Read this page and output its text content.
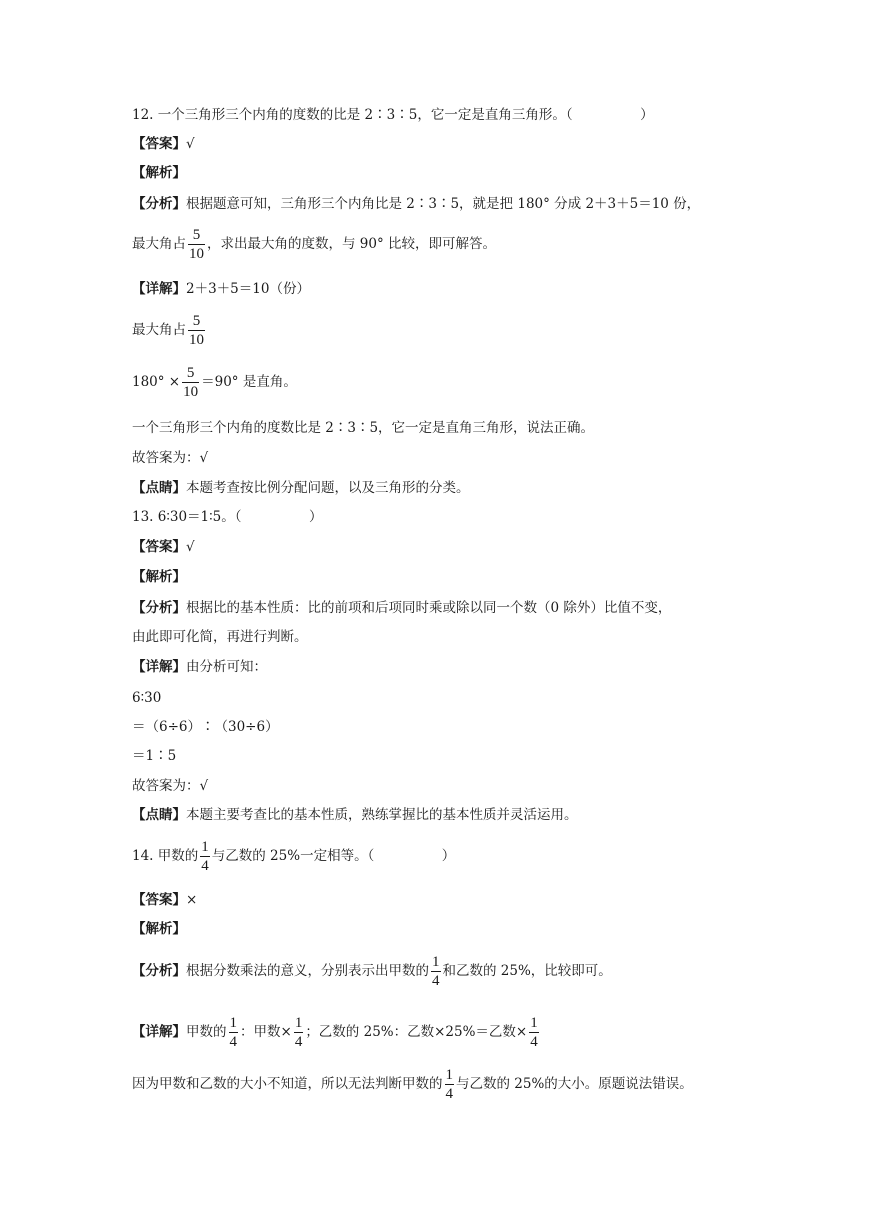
12. 一个三角形三个内角的度数的比是 2∶3∶5，它一定是直角三角形。（　　　　　）
【答案】√
【解析】
【分析】根据题意可知，三角形三个内角比是 2∶3∶5，就是把 180° 分成 2＋3＋5＝10 份，
最大角占 $\frac{5}{10}$ ，求出最大角的度数，与 90° 比较，即可解答。
【详解】2＋3＋5＝10（份）
最大角占 $\frac{5}{10}$
$180^\circ \times \frac{5}{10} =90^\circ$ 是直角。
一个三角形三个内角的度数比是 2∶3∶5，它一定是直角三角形，说法正确。
故答案为：√
【点睛】本题考查按比例分配问题，以及三角形的分类。
13. 6∶30＝1∶5。（　　　　　）
【答案】√
【解析】
【分析】根据比的基本性质：比的前项和后项同时乘或除以同一个数（0 除外）比值不变，
由此即可化简，再进行判断。
【详解】由分析可知：
6∶30
＝（6÷6）∶（30÷6）
＝1∶5
故答案为：√
【点睛】本题主要考查比的基本性质，熟练掌握比的基本性质并灵活运用。
14. 甲数的 $\frac{1}{4}$ 与乙数的 25%一定相等。（　　　　　）
【答案】×
【解析】
【分析】根据分数乘法的意义，分别表示出甲数的 $\frac{1}{4}$ 和乙数的 25%，比较即可。
【详解】甲数的 $\frac{1}{4}$ ：甲数× $\frac{1}{4}$ ；乙数的 25%：乙数×25%＝乙数× $\frac{1}{4}$
因为甲数和乙数的大小不知道，所以无法判断甲数的 $\frac{1}{4}$ 与乙数的 25%的大小。原题说法错误。
